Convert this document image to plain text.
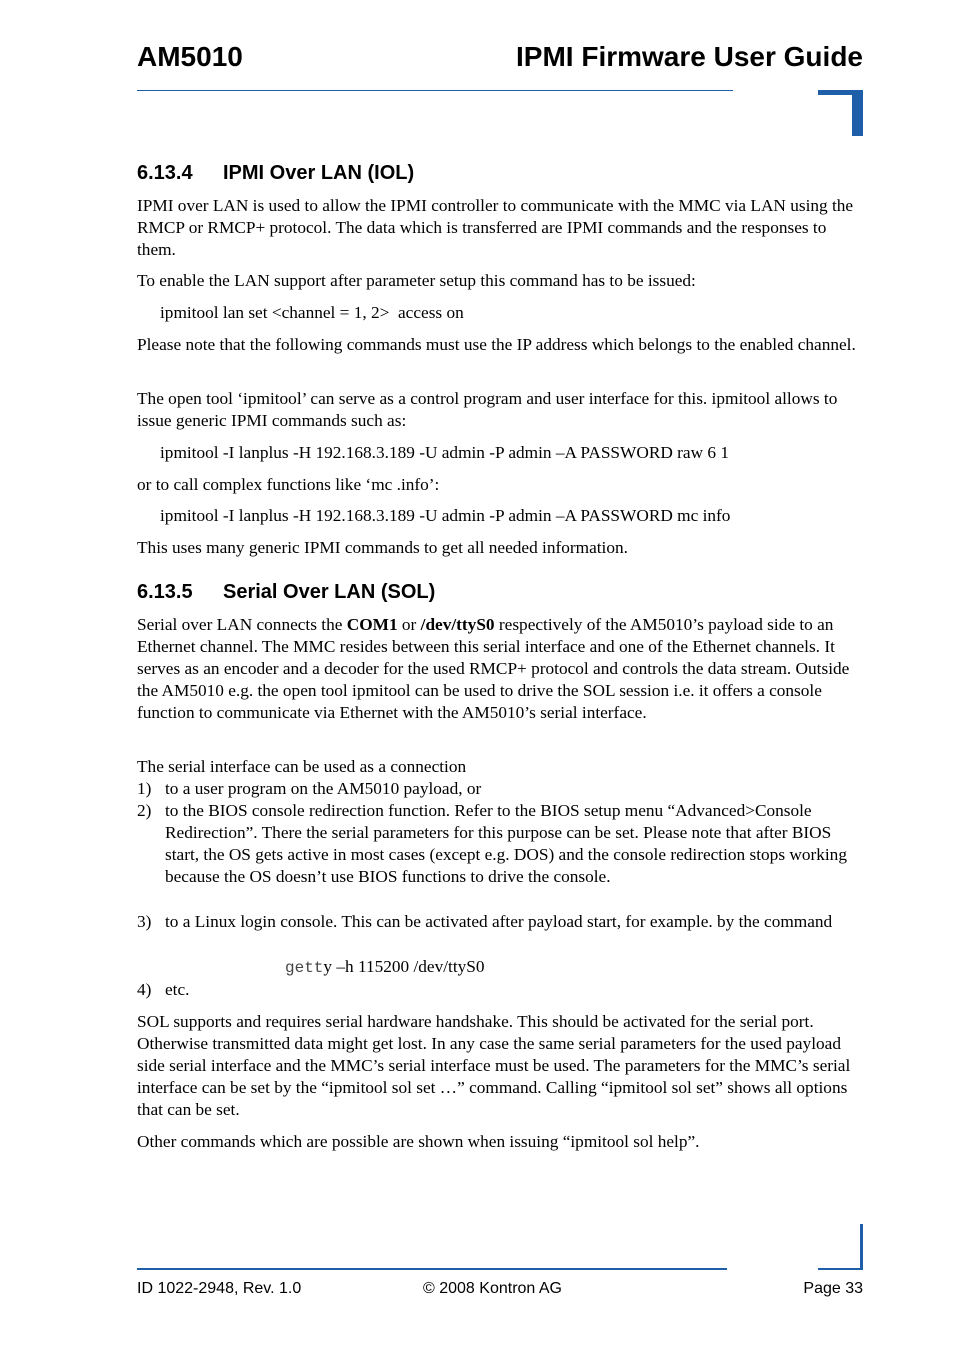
AM5010	IPMI Firmware User Guide
6.13.4 IPMI Over LAN (IOL)
IPMI over LAN is used to allow the IPMI controller to communicate with the MMC via LAN using the RMCP or RMCP+ protocol. The data which is transferred are IPMI commands and the responses to them.
To enable the LAN support after parameter setup this command has to be issued:
ipmitool lan set <channel = 1, 2>  access on
Please note that the following commands must use the IP address which belongs to the enabled channel.
The open tool ‘ipmitool’ can serve as a control program and user interface for this. ipmitool allows to issue generic IPMI commands such as:
ipmitool -I lanplus -H 192.168.3.189 -U admin -P admin –A PASSWORD raw 6 1
or to call complex functions like ‘mc .info’:
ipmitool -I lanplus -H 192.168.3.189 -U admin -P admin –A PASSWORD mc info
This uses many generic IPMI commands to get all needed information.
6.13.5 Serial Over LAN (SOL)
Serial over LAN connects the COM1 or /dev/ttyS0 respectively of the AM5010’s payload side to an Ethernet channel. The MMC resides between this serial interface and one of the Ethernet channels. It serves as an encoder and a decoder for the used RMCP+ protocol and controls the data stream. Outside the AM5010 e.g. the open tool ipmitool can be used to drive the SOL session i.e. it offers a console function to communicate via Ethernet with the AM5010’s serial interface.
The serial interface can be used as a connection
1) to a user program on the AM5010 payload, or
2) to the BIOS console redirection function. Refer to the BIOS setup menu “Advanced>Console Redirection”. There the serial parameters for this purpose can be set. Please note that after BIOS start, the OS gets active in most cases (except e.g. DOS) and the console redirection stops working because the OS doesn’t use BIOS functions to drive the console.
3) to a Linux login console. This can be activated after payload start, for example. by the command
getty –h 115200 /dev/ttyS0
4) etc.
SOL supports and requires serial hardware handshake. This should be activated for the serial port. Otherwise transmitted data might get lost. In any case the same serial parameters for the used payload side serial interface and the MMC’s serial interface must be used. The parameters for the MMC’s serial interface can be set by the “ipmitool sol set …” command. Calling “ipmitool sol set” shows all options that can be set.
Other commands which are possible are shown when issuing “ipmitool sol help”.
ID 1022-2948, Rev. 1.0	© 2008 Kontron AG	Page 33
